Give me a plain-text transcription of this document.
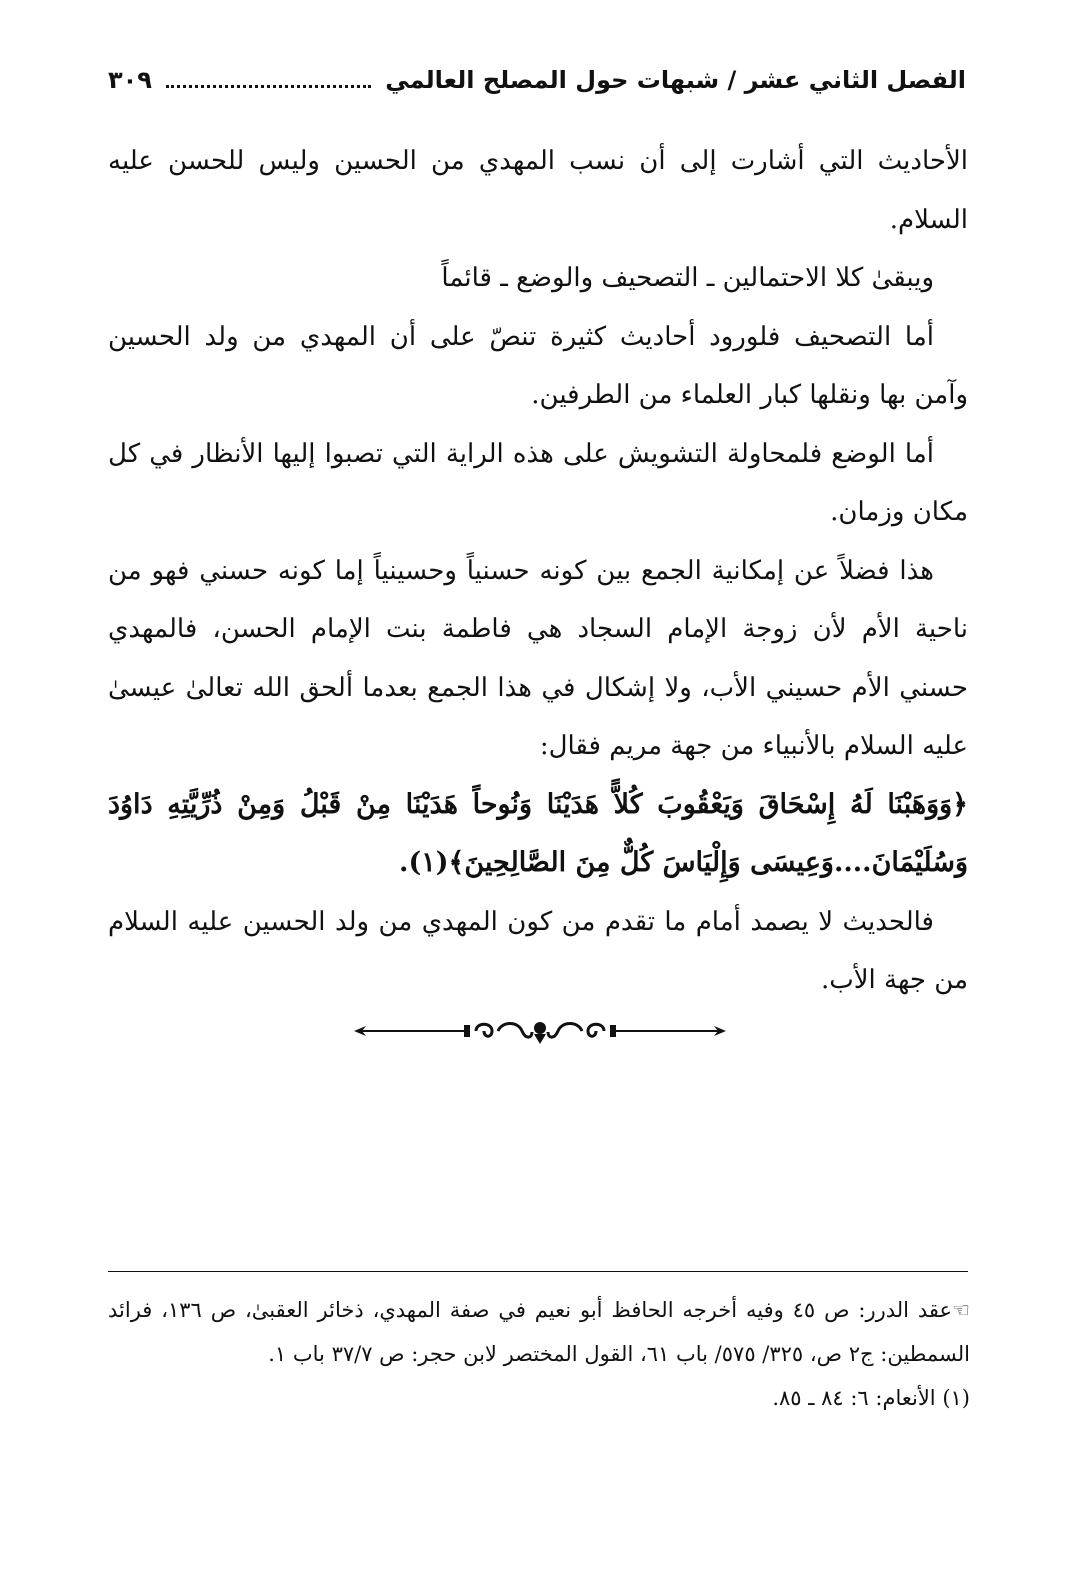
الفصل الثاني عشر / شبهات حول المصلح العالمي
٣٠٩

الأحاديث التي أشارت إلى أن نسب المهدي من الحسين وليس للحسن عليه السلام.

ويبقىٰ كلا الاحتمالين ـ التصحيف والوضع ـ قائماً

أما التصحيف فلورود أحاديث كثيرة تنصّ على أن المهدي من ولد الحسين وآمن بها ونقلها كبار العلماء من الطرفين.

أما الوضع فلمحاولة التشويش على هذه الراية التي تصبوا إليها الأنظار في كل مكان وزمان.

هذا فضلاً عن إمكانية الجمع بين كونه حسنياً وحسينياً إما كونه حسني فهو من ناحية الأم لأن زوجة الإمام السجاد هي فاطمة بنت الإمام الحسن، فالمهدي حسني الأم حسيني الأب، ولا إشكال في هذا الجمع بعدما ألحق الله تعالىٰ عيسىٰ عليه السلام بالأنبياء من جهة مريم فقال:

﴿وَوَهَبْنَا لَهُ إِسْحَاقَ وَيَعْقُوبَ كُلاًّ هَدَيْنَا وَنُوحاً هَدَيْنَا مِنْ قَبْلُ وَمِنْ ذُرِّيَّتِهِ دَاوُدَ وَسُلَيْمَانَ....وَعِيسَى وَإِلْيَاسَ كُلٌّ مِنَ الصَّالِحِينَ﴾(١).

فالحديث لا يصمد أمام ما تقدم من كون المهدي من ولد الحسين عليه السلام من جهة الأب.

☜عقد الدرر: ص ٤٥ وفيه أخرجه الحافظ أبو نعيم في صفة المهدي، ذخائر العقبىٰ، ص ١٣٦، فرائد السمطين: ج٢ ص، ٣٢٥/ ٥٧٥/ باب ٦١، القول المختصر لابن حجر: ص ٣٧/٧ باب ١.

(١) الأنعام: ٦: ٨٤ ـ ٨٥.
